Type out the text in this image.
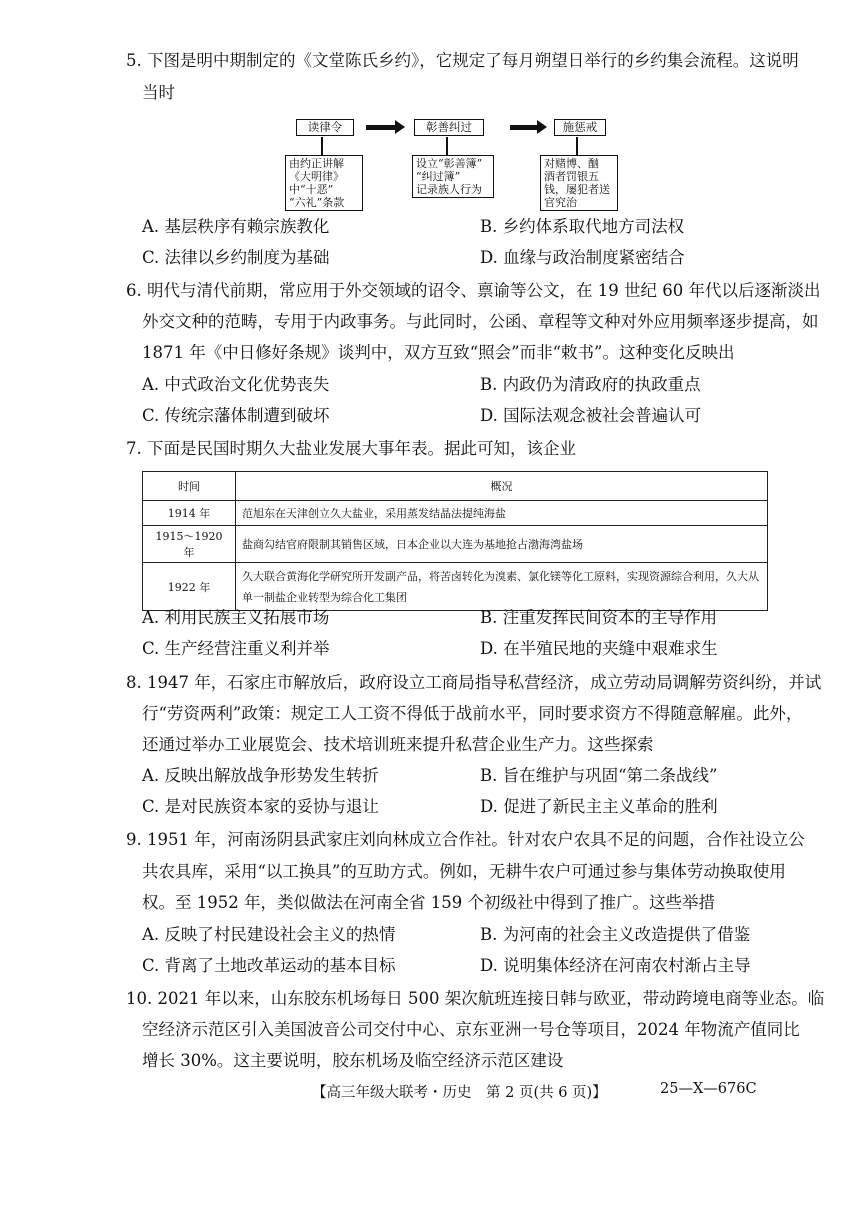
5. 下图是明中期制定的《文堂陈氏乡约》，它规定了每月朔望日举行的乡约集会流程。这说明
当时
读律令	彰善纠过	施惩戒
由约正讲解
《大明律》
中“十恶”
“六礼”条款
设立“彰善簿”
“纠过簿”
记录族人行为
对赌博、酗
酒者罚银五
钱，屡犯者送
官究治
A. 基层秩序有赖宗族教化	B. 乡约体系取代地方司法权
C. 法律以乡约制度为基础	D. 血缘与政治制度紧密结合
6. 明代与清代前期，常应用于外交领域的诏令、禀谕等公文，在 19 世纪 60 年代以后逐渐淡出
外交文种的范畴，专用于内政事务。与此同时，公函、章程等文种对外应用频率逐步提高，如
1871 年《中日修好条规》谈判中，双方互致“照会”而非“敕书”。这种变化反映出
A. 中式政治文化优势丧失	B. 内政仍为清政府的执政重点
C. 传统宗藩体制遭到破坏	D. 国际法观念被社会普遍认可
7. 下面是民国时期久大盐业发展大事年表。据此可知，该企业
时间	概况
1914 年	范旭东在天津创立久大盐业，采用蒸发结晶法提纯海盐
1915～1920 年	盐商勾结官府限制其销售区域，日本企业以大连为基地抢占渤海湾盐场
1922 年	久大联合黄海化学研究所开发副产品，将苦卤转化为溴素、氯化镁等化工原料，实现资源综合利用，久大从单一制盐企业转型为综合化工集团
A. 利用民族主义拓展市场	B. 注重发挥民间资本的主导作用
C. 生产经营注重义利并举	D. 在半殖民地的夹缝中艰难求生
8. 1947 年，石家庄市解放后，政府设立工商局指导私营经济，成立劳动局调解劳资纠纷，并试
行“劳资两利”政策：规定工人工资不得低于战前水平，同时要求资方不得随意解雇。此外，
还通过举办工业展览会、技术培训班来提升私营企业生产力。这些探索
A. 反映出解放战争形势发生转折	B. 旨在维护与巩固“第二条战线”
C. 是对民族资本家的妥协与退让	D. 促进了新民主主义革命的胜利
9. 1951 年，河南汤阴县武家庄刘向林成立合作社。针对农户农具不足的问题，合作社设立公
共农具库，采用“以工换具”的互助方式。例如，无耕牛农户可通过参与集体劳动换取使用
权。至 1952 年，类似做法在河南全省 159 个初级社中得到了推广。这些举措
A. 反映了村民建设社会主义的热情	B. 为河南的社会主义改造提供了借鉴
C. 背离了土地改革运动的基本目标	D. 说明集体经济在河南农村渐占主导
10. 2021 年以来，山东胶东机场每日 500 架次航班连接日韩与欧亚，带动跨境电商等业态。临
空经济示范区引入美国波音公司交付中心、京东亚洲一号仓等项目，2024 年物流产值同比
增长 30%。这主要说明，胶东机场及临空经济示范区建设
【高三年级大联考・历史　第 2 页(共 6 页)】	25—X—676C
